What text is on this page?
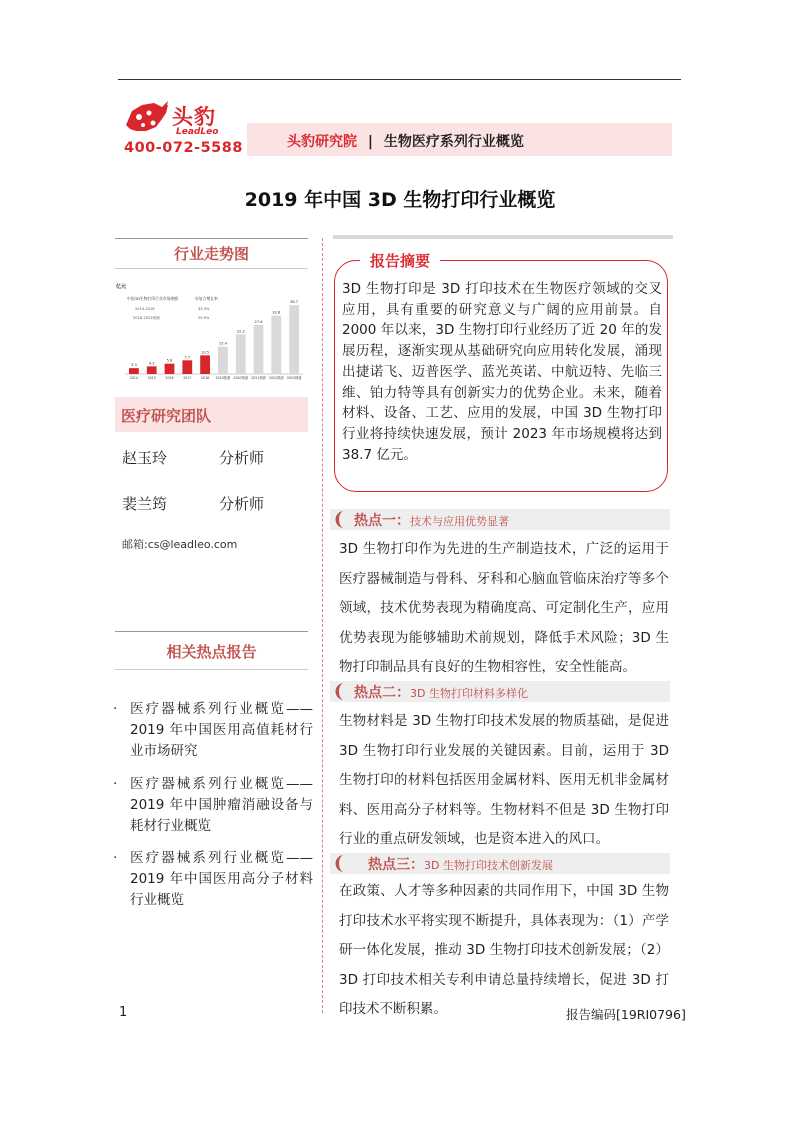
头豹
LeadLeo
400-072-5588	头豹研究院 | 生物医疗系列行业概览
2019 年中国 3D 生物打印行业概览
行业走势图
亿元
中国3D生物打印行业市场规模	年复合增长率
2014-2018	33.4%
2018-2023预测	29.9%
3.3
2014
4.3
2015
5.8
2016
7.7
2017
10.5
2018
15.4
2019预测
22.3
2020预测
27.6
2021预测
32.8
2022预测
38.7
2023预测
医疗研究团队
赵玉玲	分析师
裴兰筠	分析师
邮箱:cs@leadleo.com
相关热点报告
· 医疗器械系列行业概览——2019 年中国医用高值耗材行业市场研究
· 医疗器械系列行业概览——2019 年中国肿瘤消融设备与耗材行业概览
· 医疗器械系列行业概览——2019 年中国医用高分子材料行业概览
报告摘要
3D 生物打印是 3D 打印技术在生物医疗领域的交叉应用，具有重要的研究意义与广阔的应用前景。自 2000 年以来，3D 生物打印行业经历了近 20 年的发展历程，逐渐实现从基础研究向应用转化发展，涌现出捷诺飞、迈普医学、蓝光英诺、中航迈特、先临三维、铂力特等具有创新实力的优势企业。未来，随着材料、设备、工艺、应用的发展，中国 3D 生物打印行业将持续快速发展，预计 2023 年市场规模将达到 38.7 亿元。
热点一：技术与应用优势显著
3D 生物打印作为先进的生产制造技术，广泛的运用于医疗器械制造与骨科、牙科和心脑血管临床治疗等多个领域，技术优势表现为精确度高、可定制化生产，应用优势表现为能够辅助术前规划，降低手术风险；3D 生物打印制品具有良好的生物相容性，安全性能高。
热点二：3D 生物打印材料多样化
生物材料是 3D 生物打印技术发展的物质基础，是促进 3D 生物打印行业发展的关键因素。目前，运用于 3D 生物打印的材料包括医用金属材料、医用无机非金属材料、医用高分子材料等。生物材料不但是 3D 生物打印行业的重点研发领域，也是资本进入的风口。
热点三：3D 生物打印技术创新发展
在政策、人才等多种因素的共同作用下，中国 3D 生物打印技术水平将实现不断提升，具体表现为：（1）产学研一体化发展，推动 3D 生物打印技术创新发展；（2）3D 打印技术相关专利申请总量持续增长，促进 3D 打印技术不断积累。
1	报告编码[19RI0796]
